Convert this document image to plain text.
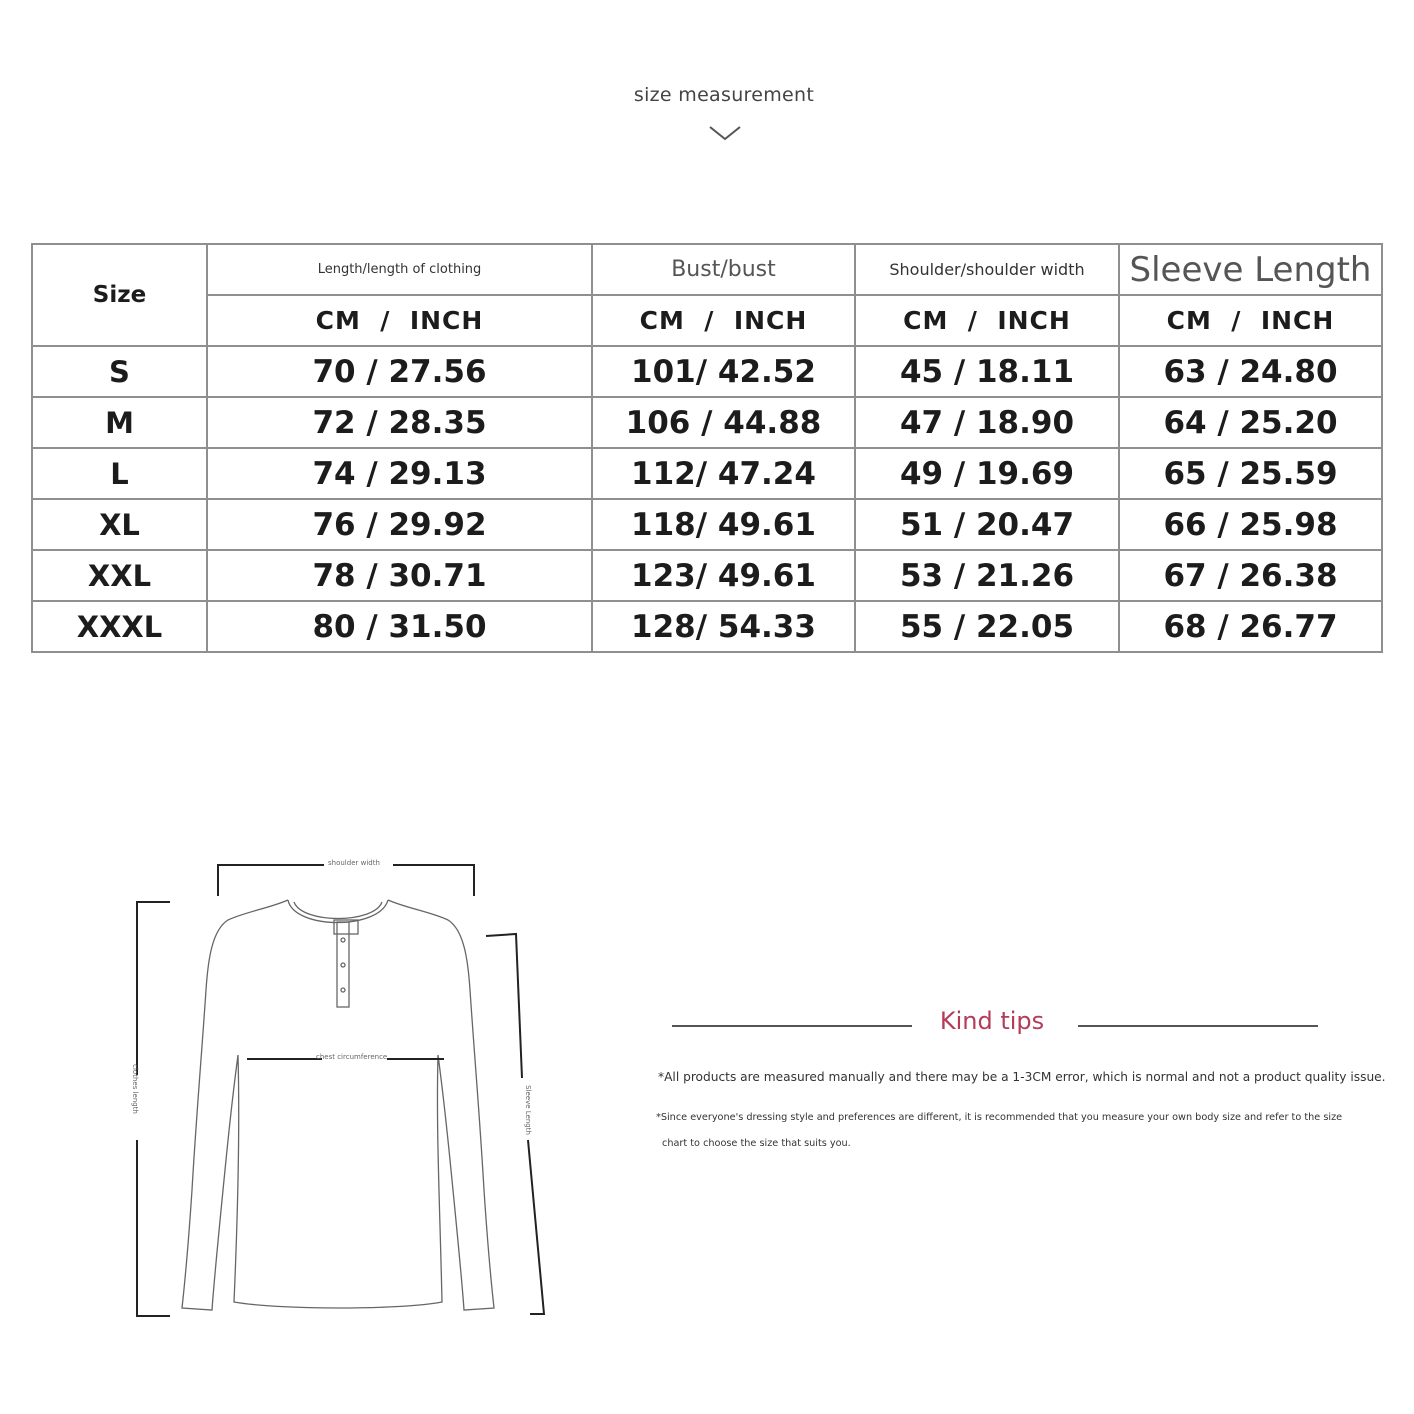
size measurement
Size	Length/length of clothing	Bust/bust	Shoulder/shoulder width	Sleeve Length
	CM  /  INCH	CM  /  INCH	CM  /  INCH	CM  /  INCH
S	70 / 27.56	101/ 42.52	45 / 18.11	63 / 24.80
M	72 / 28.35	106 / 44.88	47 / 18.90	64 / 25.20
L	74 / 29.13	112/ 47.24	49 / 19.69	65 / 25.59
XL	76 / 29.92	118/ 49.61	51 / 20.47	66 / 25.98
XXL	78 / 30.71	123/ 49.61	53 / 21.26	67 / 26.38
XXXL	80 / 31.50	128/ 54.33	55 / 22.05	68 / 26.77
shoulder width
chest circumference
clothes length	Sleeve Length
Kind tips
*All products are measured manually and there may be a 1-3CM error, which is normal and not a product quality issue.
*Since everyone's dressing style and preferences are different, it is recommended that you measure your own body size and refer to the size
chart to choose the size that suits you.
